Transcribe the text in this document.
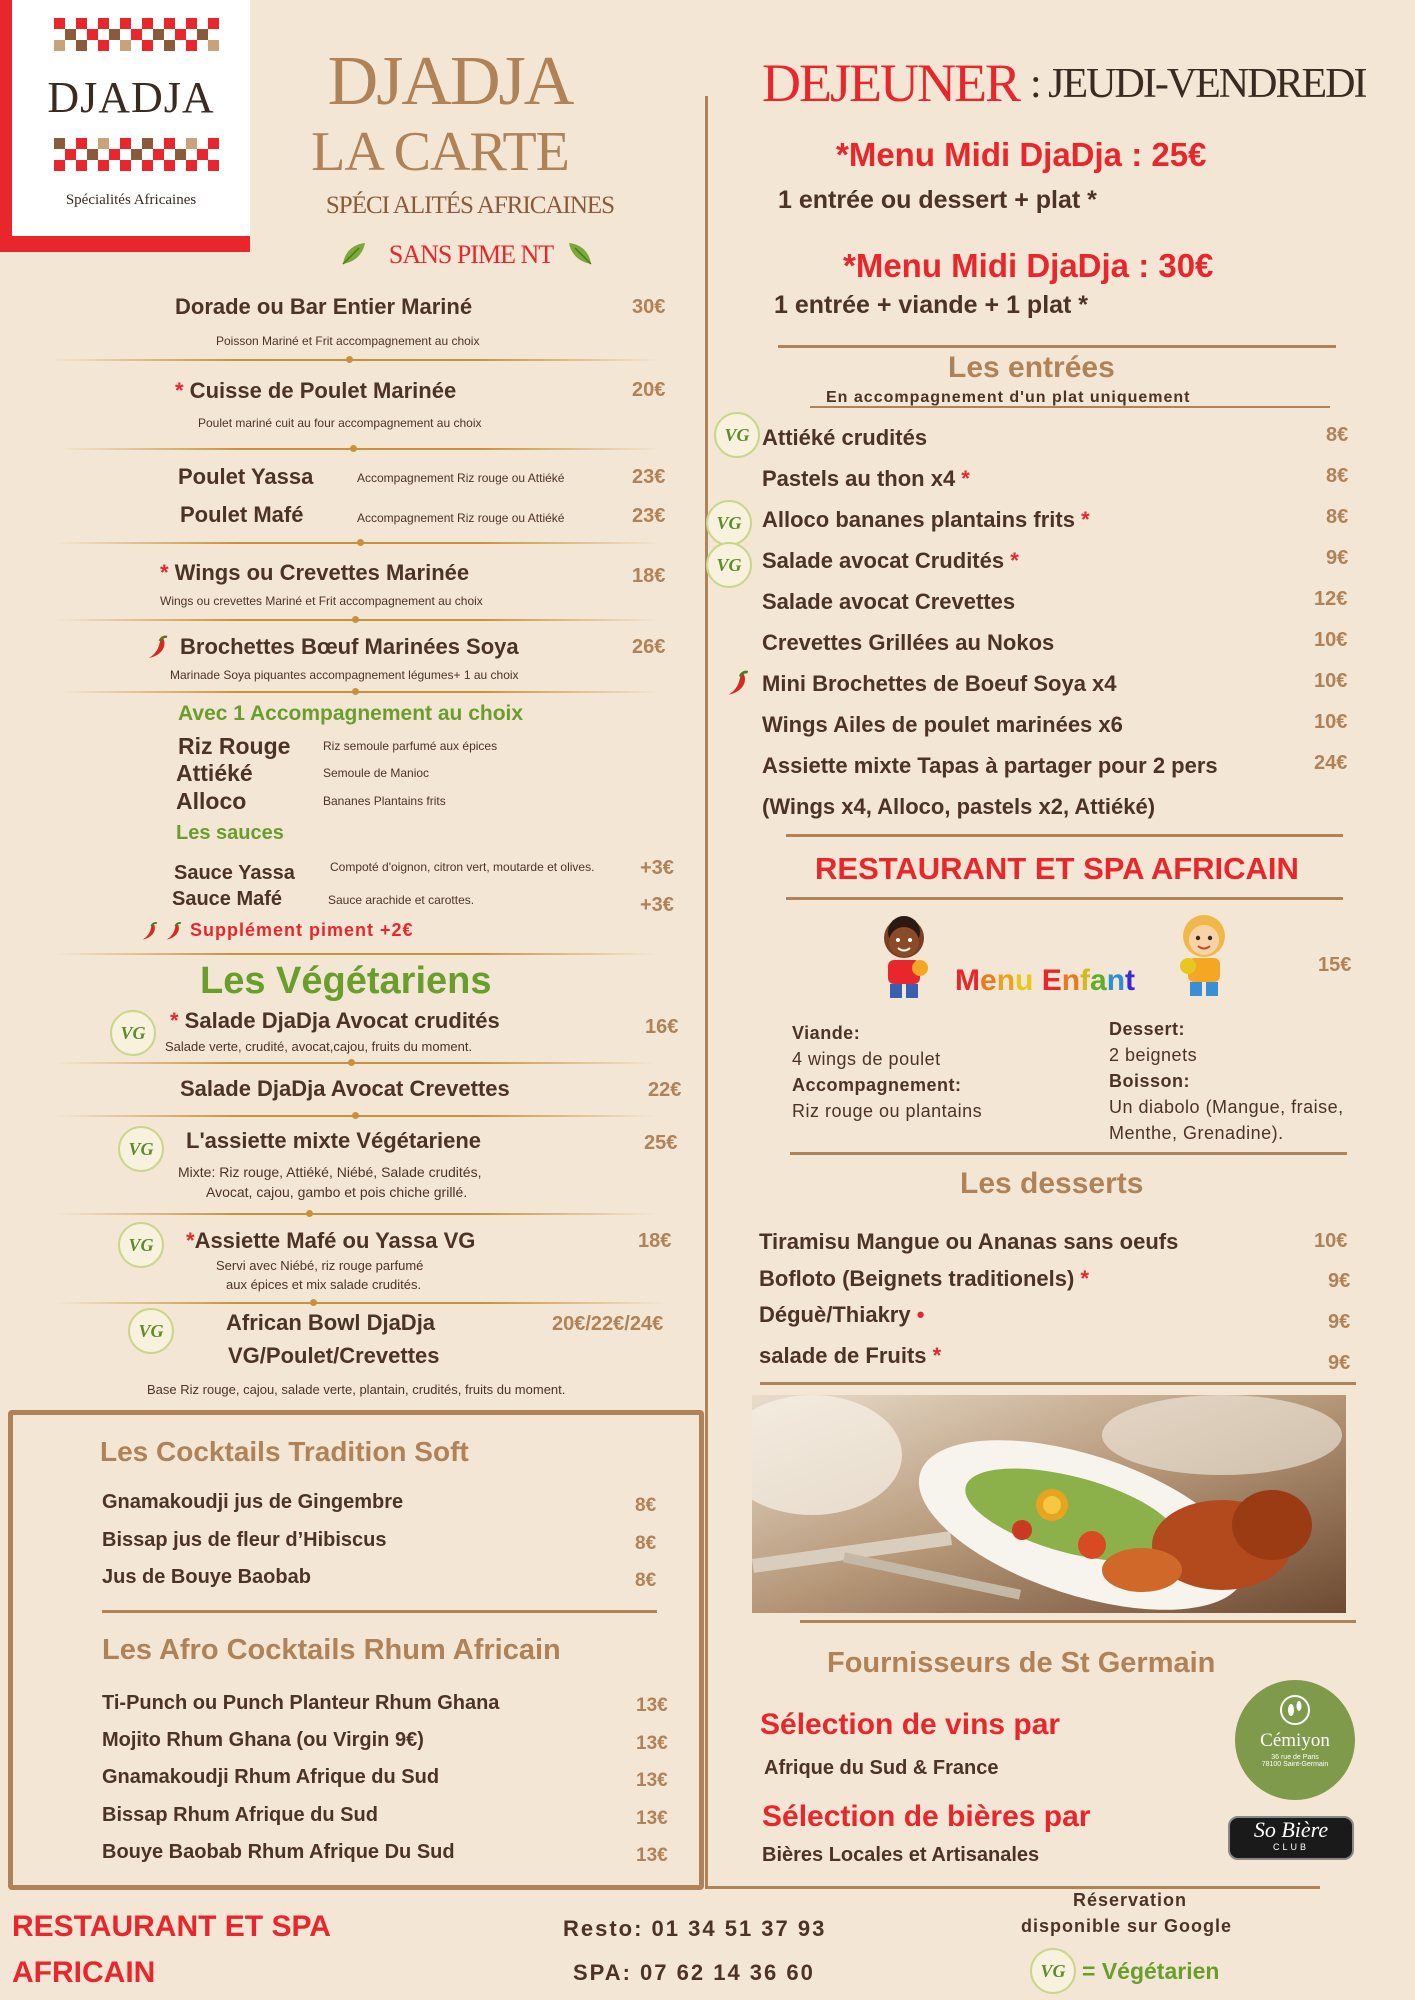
DJADJA
Spécialités Africaines
DJADJA
LA CARTE
SPÉCI ALITÉS AFRICAINES
SANS PIME NT
Dorade ou Bar Entier Mariné	30€
Poisson Mariné et Frit accompagnement au choix
* Cuisse de Poulet Marinée	20€
Poulet mariné cuit au four accompagnement au choix
Poulet Yassa	Accompagnement Riz rouge ou Attiéké	23€
Poulet Mafé	Accompagnement Riz rouge ou Attiéké	23€
* Wings ou Crevettes Marinée	18€
Wings ou crevettes Mariné et Frit accompagnement au choix
Brochettes Bœuf Marinées Soya	26€
Marinade Soya piquantes accompagnement légumes+ 1 au choix
Avec 1 Accompagnement au choix
Riz Rouge	Riz semoule parfumé aux épices
Attiéké	Semoule de Manioc
Alloco	Bananes Plantains frits
Les sauces
Sauce Yassa	Compoté d'oignon, citron vert, moutarde et olives. +3€
Sauce Mafé	Sauce arachide et carottes.	+3€
Supplément piment +2€
Les Végétariens
VG * Salade DjaDja Avocat crudités	16€
Salade verte, crudité, avocat,cajou, fruits du moment.
Salade DjaDja Avocat Crevettes	22€
VG L'assiette mixte Végétariene	25€
Mixte: Riz rouge, Attiéké, Niébé, Salade crudités,
Avocat, cajou, gambo et pois chiche grillé.
VG *Assiette Mafé ou Yassa VG	18€
Servi avec Niébé, riz rouge parfumé
aux épices et mix salade crudités.
VG	African Bowl DjaDja
VG/Poulet/Crevettes
20€/22€/24€
Base Riz rouge, cajou, salade verte, plantain, crudités, fruits du moment.
Les Cocktails Tradition Soft
Gnamakoudji jus de Gingembre	8€
Bissap jus de fleur d’Hibiscus	8€
Jus de Bouye Baobab	8€
Les Afro Cocktails Rhum Africain
Ti-Punch ou Punch Planteur Rhum Ghana	13€
Mojito Rhum Ghana (ou Virgin 9€)	13€
Gnamakoudji Rhum Afrique du Sud	13€
Bissap Rhum Afrique du Sud	13€
Bouye Baobab Rhum Afrique Du Sud	13€
DEJEUNER : JEUDI-VENDREDI
*Menu Midi DjaDja : 25€
1 entrée ou dessert + plat *
*Menu Midi DjaDja : 30€
1 entrée + viande + 1 plat *
Les entrées
En accompagnement d'un plat uniquement
VG Attiéké crudités	8€
Pastels au thon x4 *	8€
VG Alloco bananes plantains frits *	8€
VG Salade avocat Crudités *	9€
Salade avocat Crevettes	12€
Crevettes Grillées au Nokos	10€
Mini Brochettes de Boeuf Soya x4	10€
Wings Ailes de poulet marinées x6	10€
Assiette mixte Tapas à partager pour 2 pers	24€
(Wings x4, Alloco, pastels x2, Attiéké)
RESTAURANT ET SPA AFRICAIN
Menu Enfant	15€
Viande:
4 wings de poulet
Accompagnement:
Riz rouge ou plantains
Dessert:
2 beignets
Boisson:
Un diabolo (Mangue, fraise,
Menthe, Grenadine).
Les desserts
Tiramisu Mangue ou Ananas sans oeufs	10€
Bofloto (Beignets traditionels) *	9€
Déguè/Thiakry •	9€
salade de Fruits *	9€
Fournisseurs de St Germain
Sélection de vins par
Afrique du Sud & France
Sélection de bières par
Bières Locales et Artisanales
Cémiyon
36 rue de Paris
78100 Saint-Germain
So Bière
CLUB
RESTAURANT ET SPA
AFRICAIN
Resto: 01 34 51 37 93
SPA: 07 62 14 36 60
Réservation
disponible sur Google
VG = Végétarien
